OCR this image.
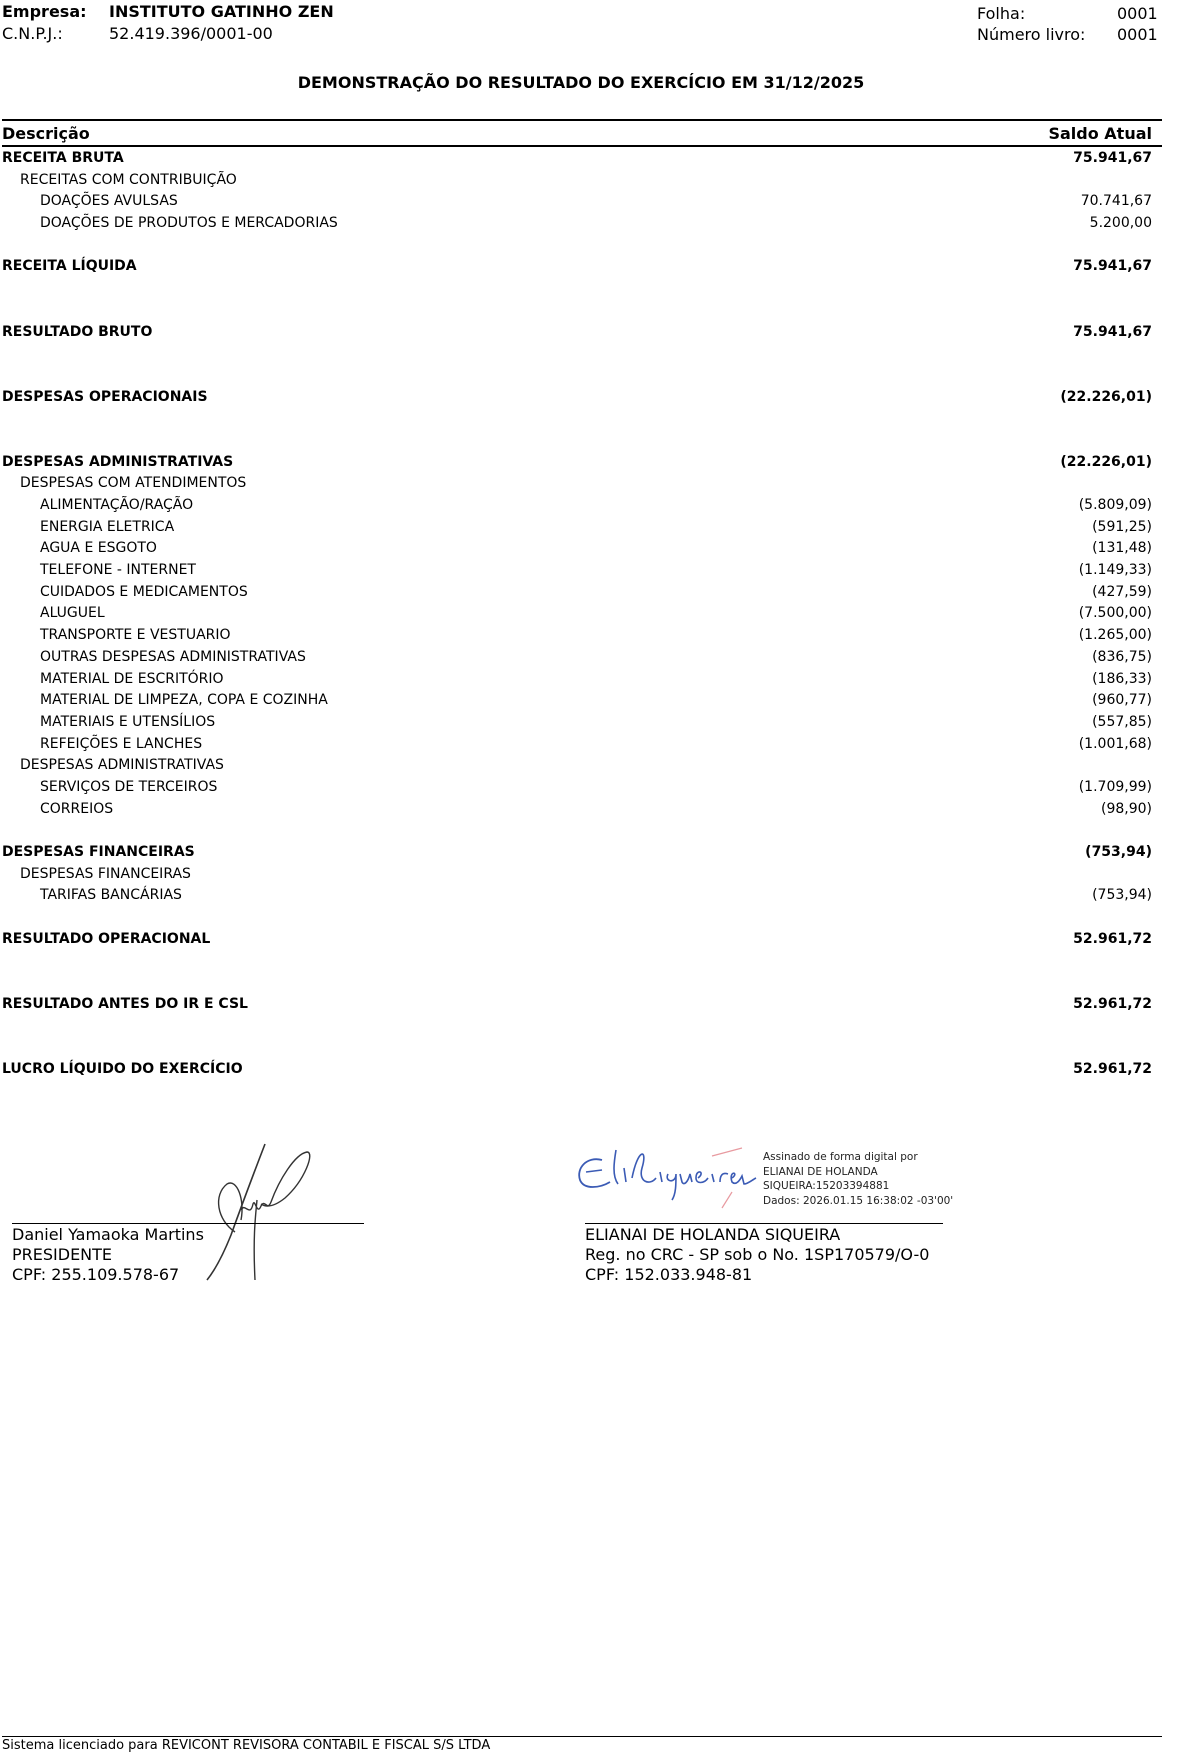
Empresa: INSTITUTO GATINHO ZEN
C.N.P.J.:	52.419.396/0001-00
Folha:	0001
Número livro: 0001
DEMONSTRAÇÃO DO RESULTADO DO EXERCÍCIO EM 31/12/2025
Descrição	Saldo Atual
RECEITA BRUTA	75.941,67
RECEITAS COM CONTRIBUIÇÃO
DOAÇÕES AVULSAS	70.741,67
DOAÇÕES DE PRODUTOS E MERCADORIAS	5.200,00
RECEITA LÍQUIDA	75.941,67
RESULTADO BRUTO	75.941,67
DESPESAS OPERACIONAIS	(22.226,01)
DESPESAS ADMINISTRATIVAS	(22.226,01)
DESPESAS COM ATENDIMENTOS
ALIMENTAÇÃO/RAÇÃO	(5.809,09)
ENERGIA ELETRICA	(591,25)
AGUA E ESGOTO	(131,48)
TELEFONE - INTERNET	(1.149,33)
CUIDADOS E MEDICAMENTOS	(427,59)
ALUGUEL	(7.500,00)
TRANSPORTE E VESTUARIO	(1.265,00)
OUTRAS DESPESAS ADMINISTRATIVAS	(836,75)
MATERIAL DE ESCRITÓRIO	(186,33)
MATERIAL DE LIMPEZA, COPA E COZINHA	(960,77)
MATERIAIS E UTENSÍLIOS	(557,85)
REFEIÇÕES E LANCHES	(1.001,68)
DESPESAS ADMINISTRATIVAS
SERVIÇOS DE TERCEIROS	(1.709,99)
CORREIOS	(98,90)
DESPESAS FINANCEIRAS	(753,94)
DESPESAS FINANCEIRAS
TARIFAS BANCÁRIAS	(753,94)
RESULTADO OPERACIONAL	52.961,72
RESULTADO ANTES DO IR E CSL	52.961,72
LUCRO LÍQUIDO DO EXERCÍCIO	52.961,72
Daniel Yamaoka Martins
PRESIDENTE
CPF: 255.109.578-67
Assinado de forma digital por
ELIANAI DE HOLANDA
SIQUEIRA:15203394881
Dados: 2026.01.15 16:38:02 -03'00'
ELIANAI DE HOLANDA SIQUEIRA
Reg. no CRC - SP sob o No. 1SP170579/O-0
CPF: 152.033.948-81
Sistema licenciado para REVICONT REVISORA CONTABIL E FISCAL S/S LTDA
